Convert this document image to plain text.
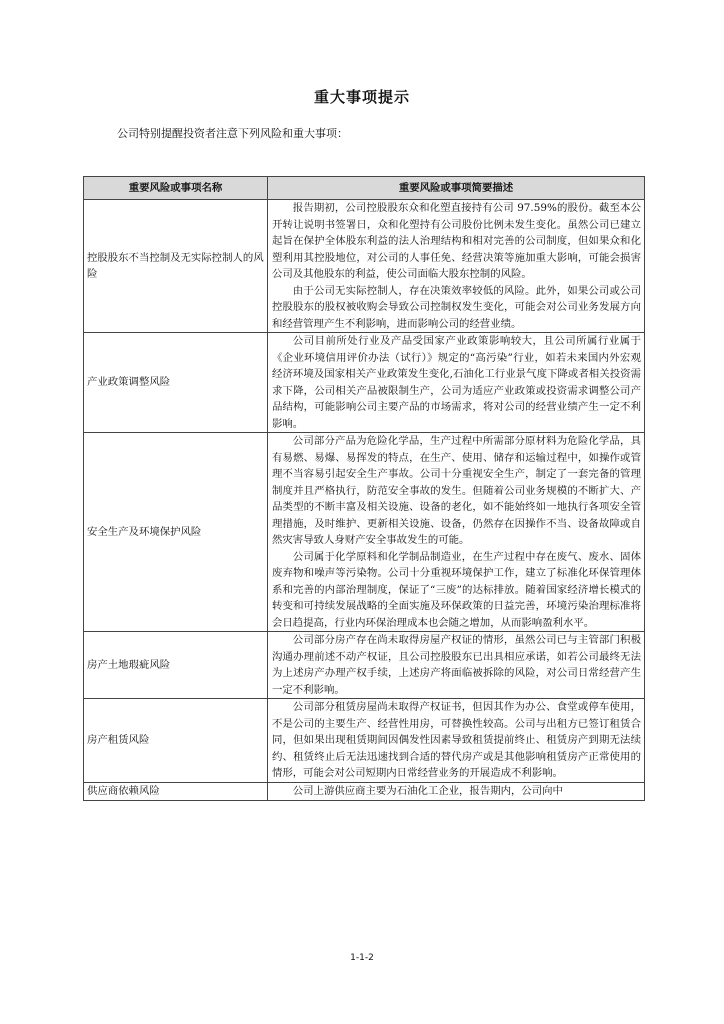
重大事项提示
公司特别提醒投资者注意下列风险和重大事项：
重要风险或事项名称	重要风险或事项简要描述
控股股东不当控制及无实际控制人的风险	报告期初，公司控股股东众和化塑直接持有公司 97.59%的股份。截至本公开转让说明书签署日，众和化塑持有公司股份比例未发生变化。虽然公司已建立起旨在保护全体股东利益的法人治理结构和相对完善的公司制度，但如果众和化塑利用其控股地位，对公司的人事任免、经营决策等施加重大影响，可能会损害公司及其他股东的利益，使公司面临大股东控制的风险。

由于公司无实际控制人，存在决策效率较低的风险。此外，如果公司或公司控股股东的股权被收购会导致公司控制权发生变化，可能会对公司业务发展方向和经营管理产生不利影响，进而影响公司的经营业绩。

产业政策调整风险	公司目前所处行业及产品受国家产业政策影响较大，且公司所属行业属于《企业环境信用评价办法（试行）》规定的“高污染”行业，如若未来国内外宏观经济环境及国家相关产业政策发生变化,石油化工行业景气度下降或者相关投资需求下降，公司相关产品被限制生产，公司为适应产业政策或投资需求调整公司产品结构，可能影响公司主要产品的市场需求，将对公司的经营业绩产生一定不利影响。

安全生产及环境保护风险	公司部分产品为危险化学品，生产过程中所需部分原材料为危险化学品，具有易燃、易爆、易挥发的特点，在生产、使用、储存和运输过程中，如操作或管理不当容易引起安全生产事故。公司十分重视安全生产，制定了一套完备的管理制度并且严格执行，防范安全事故的发生。但随着公司业务规模的不断扩大、产品类型的不断丰富及相关设施、设备的老化，如不能始终如一地执行各项安全管理措施，及时维护、更新相关设施、设备，仍然存在因操作不当、设备故障或自然灾害导致人身财产安全事故发生的可能。

公司属于化学原料和化学制品制造业，在生产过程中存在废气、废水、固体废弃物和噪声等污染物。公司十分重视环境保护工作，建立了标准化环保管理体系和完善的内部治理制度，保证了“三废”的达标排放。随着国家经济增长模式的转变和可持续发展战略的全面实施及环保政策的日益完善，环境污染治理标准将会日趋提高，行业内环保治理成本也会随之增加，从而影响盈利水平。

房产土地瑕疵风险	公司部分房产存在尚未取得房屋产权证的情形，虽然公司已与主管部门积极沟通办理前述不动产权证，且公司控股股东已出具相应承诺，如若公司最终无法为上述房产办理产权手续，上述房产将面临被拆除的风险，对公司日常经营产生一定不利影响。

房产租赁风险	公司部分租赁房屋尚未取得产权证书，但因其作为办公、食堂或停车使用，不是公司的主要生产、经营性用房，可替换性较高。公司与出租方已签订租赁合同，但如果出现租赁期间因偶发性因素导致租赁提前终止、租赁房产到期无法续约、租赁终止后无法迅速找到合适的替代房产或是其他影响租赁房产正常使用的情形，可能会对公司短期内日常经营业务的开展造成不利影响。

供应商依赖风险	公司上游供应商主要为石油化工企业，报告期内，公司向中

1-1-2
